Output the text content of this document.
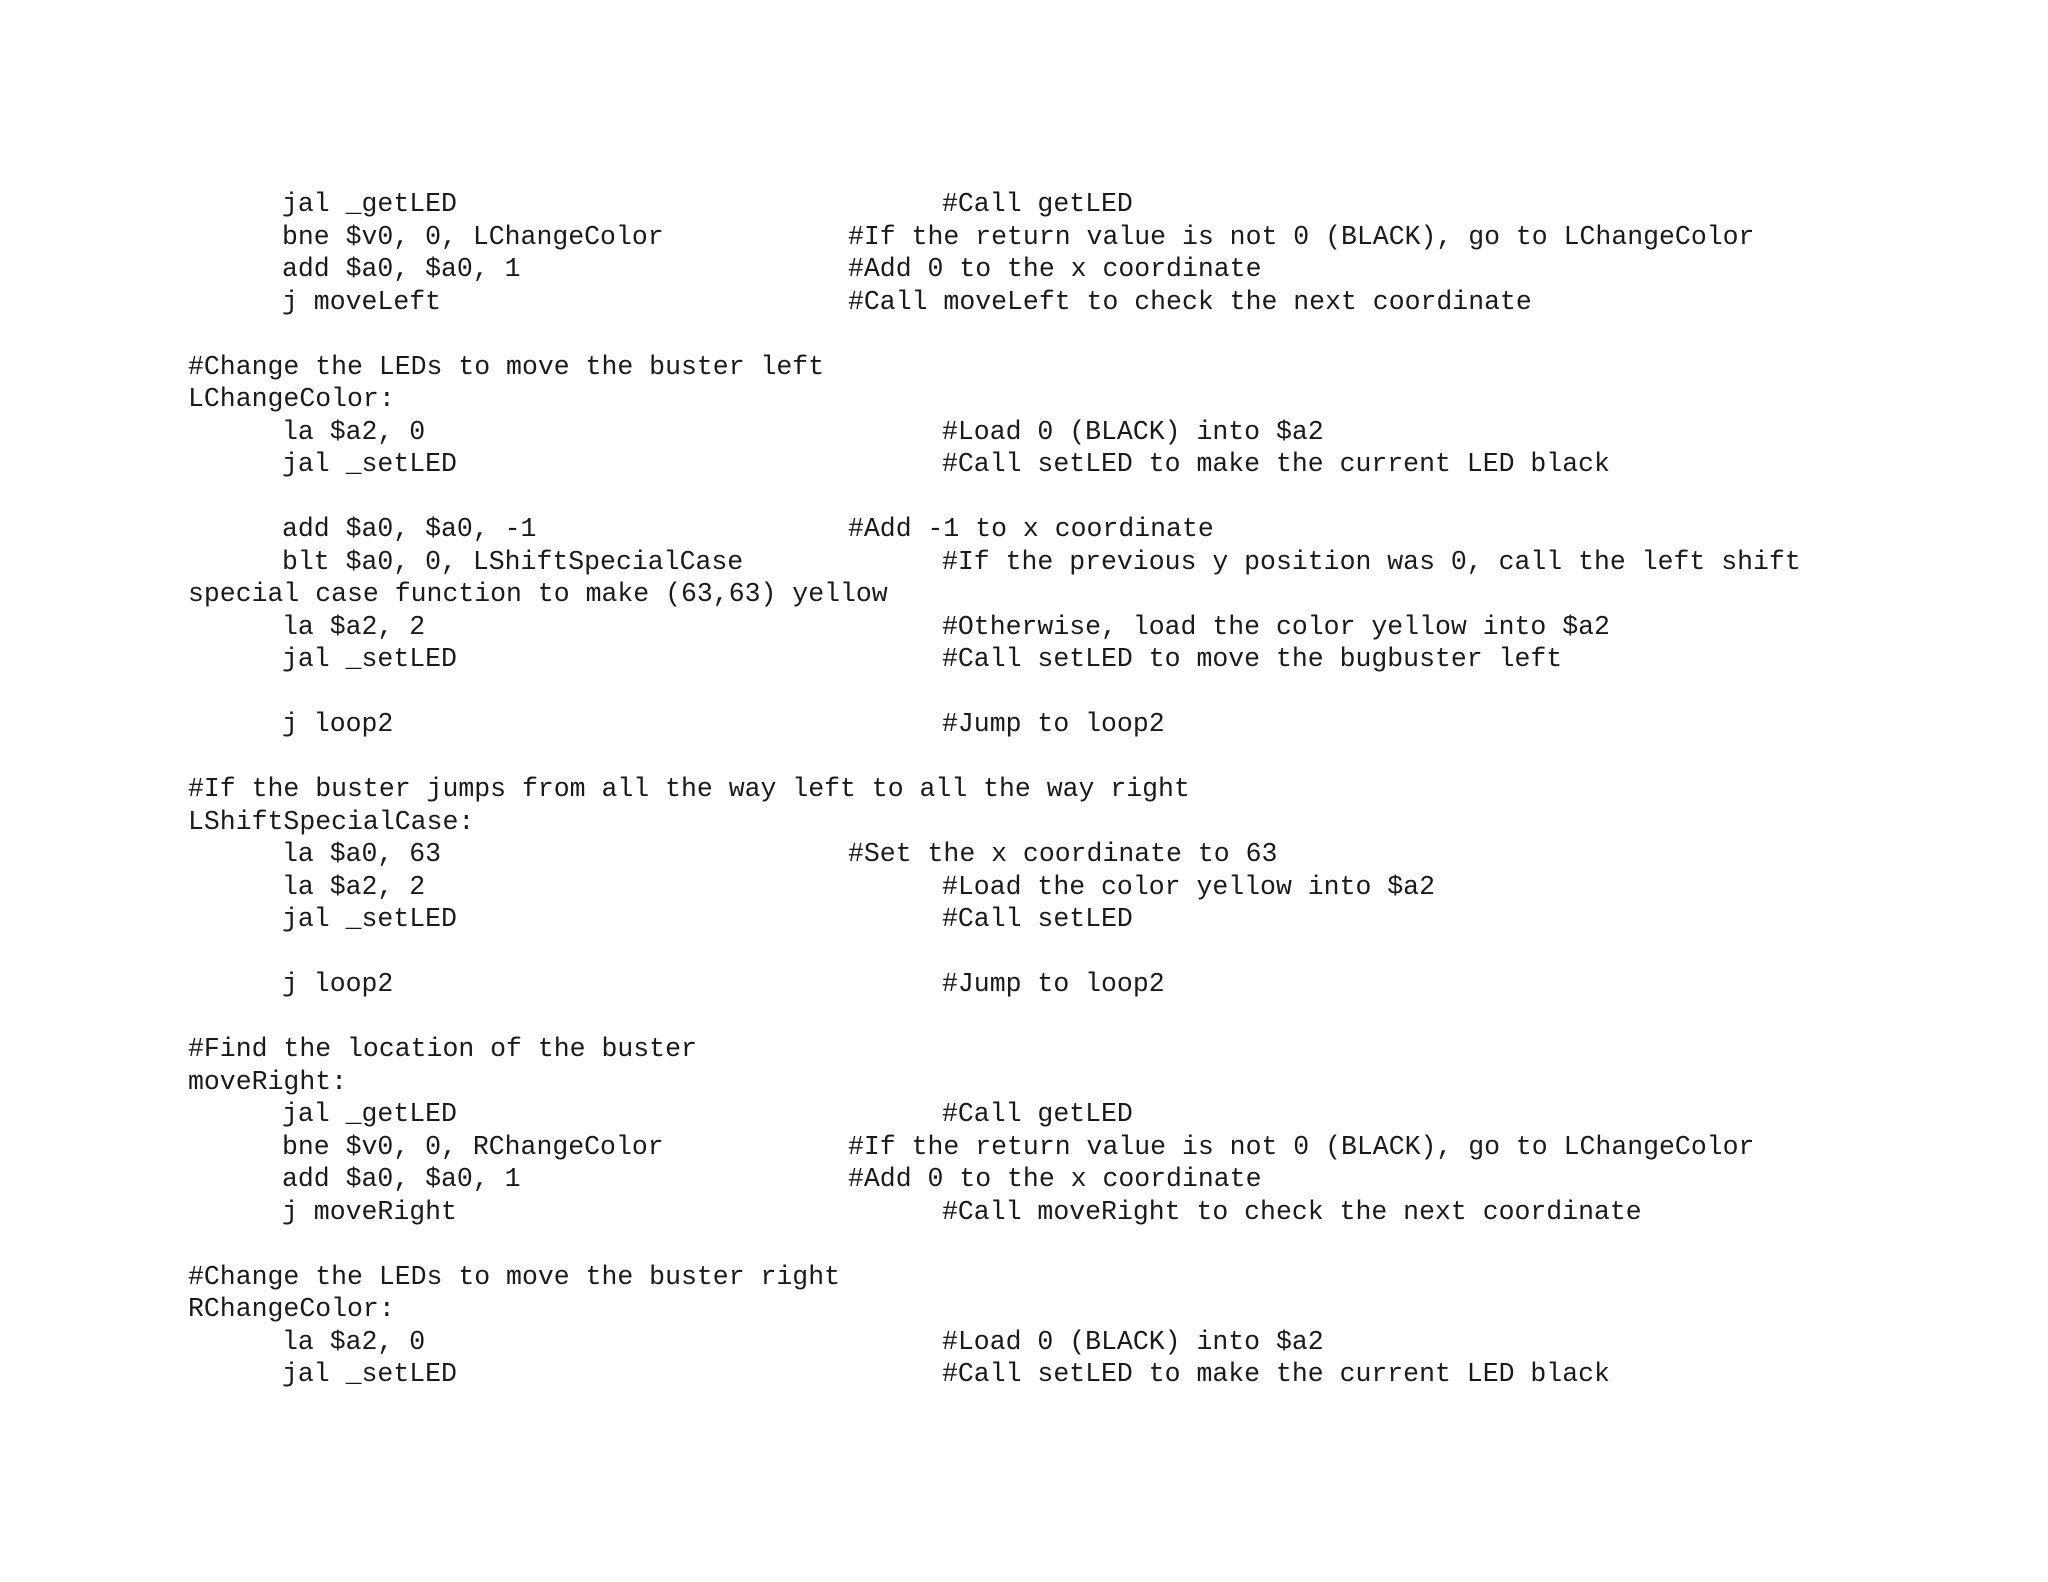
jal _getLED	#Call getLED
bne $v0, 0, LChangeColor	#If the return value is not 0 (BLACK), go to LChangeColor
add $a0, $a0, 1	#Add 0 to the x coordinate
j moveLeft	#Call moveLeft to check the next coordinate
#Change the LEDs to move the buster left
LChangeColor:
la $a2, 0	#Load 0 (BLACK) into $a2
jal _setLED	#Call setLED to make the current LED black
add $a0, $a0, -1	#Add -1 to x coordinate
blt $a0, 0, LShiftSpecialCase	#If the previous y position was 0, call the left shift
special case function to make (63,63) yellow
la $a2, 2	#Otherwise, load the color yellow into $a2
jal _setLED	#Call setLED to move the bugbuster left
j loop2	#Jump to loop2
#If the buster jumps from all the way left to all the way right
LShiftSpecialCase:
la $a0, 63	#Set the x coordinate to 63
la $a2, 2	#Load the color yellow into $a2
jal _setLED	#Call setLED
j loop2	#Jump to loop2
#Find the location of the buster
moveRight:
jal _getLED	#Call getLED
bne $v0, 0, RChangeColor	#If the return value is not 0 (BLACK), go to LChangeColor
add $a0, $a0, 1	#Add 0 to the x coordinate
j moveRight	#Call moveRight to check the next coordinate
#Change the LEDs to move the buster right
RChangeColor:
la $a2, 0	#Load 0 (BLACK) into $a2
jal _setLED	#Call setLED to make the current LED black
